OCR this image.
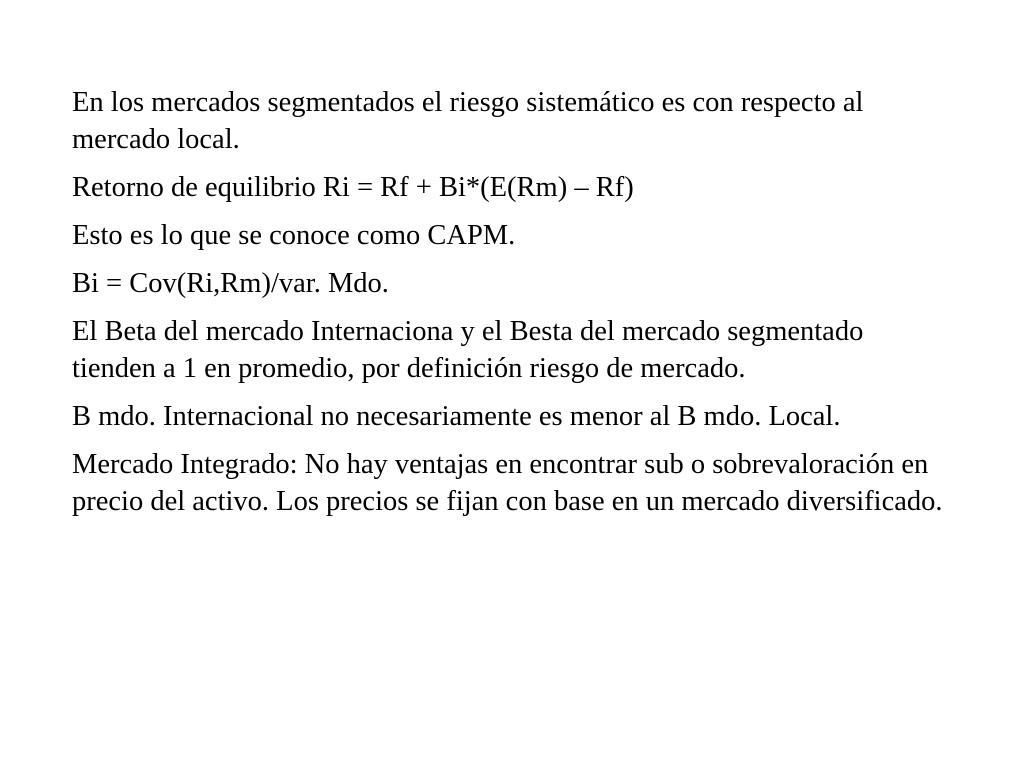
En los mercados segmentados el riesgo sistemático es con respecto al mercado local.

Retorno de equilibrio Ri = Rf + Bi*(E(Rm) – Rf)

Esto es lo que se conoce como CAPM.

Bi = Cov(Ri,Rm)/var. Mdo.

El Beta del mercado Internaciona y el Besta del mercado segmentado tienden a 1 en promedio, por definición riesgo de mercado.

B mdo. Internacional no necesariamente es menor al B mdo. Local.

Mercado Integrado: No hay ventajas en encontrar sub o sobrevaloración en precio del activo. Los precios se fijan con base en un mercado diversificado.
